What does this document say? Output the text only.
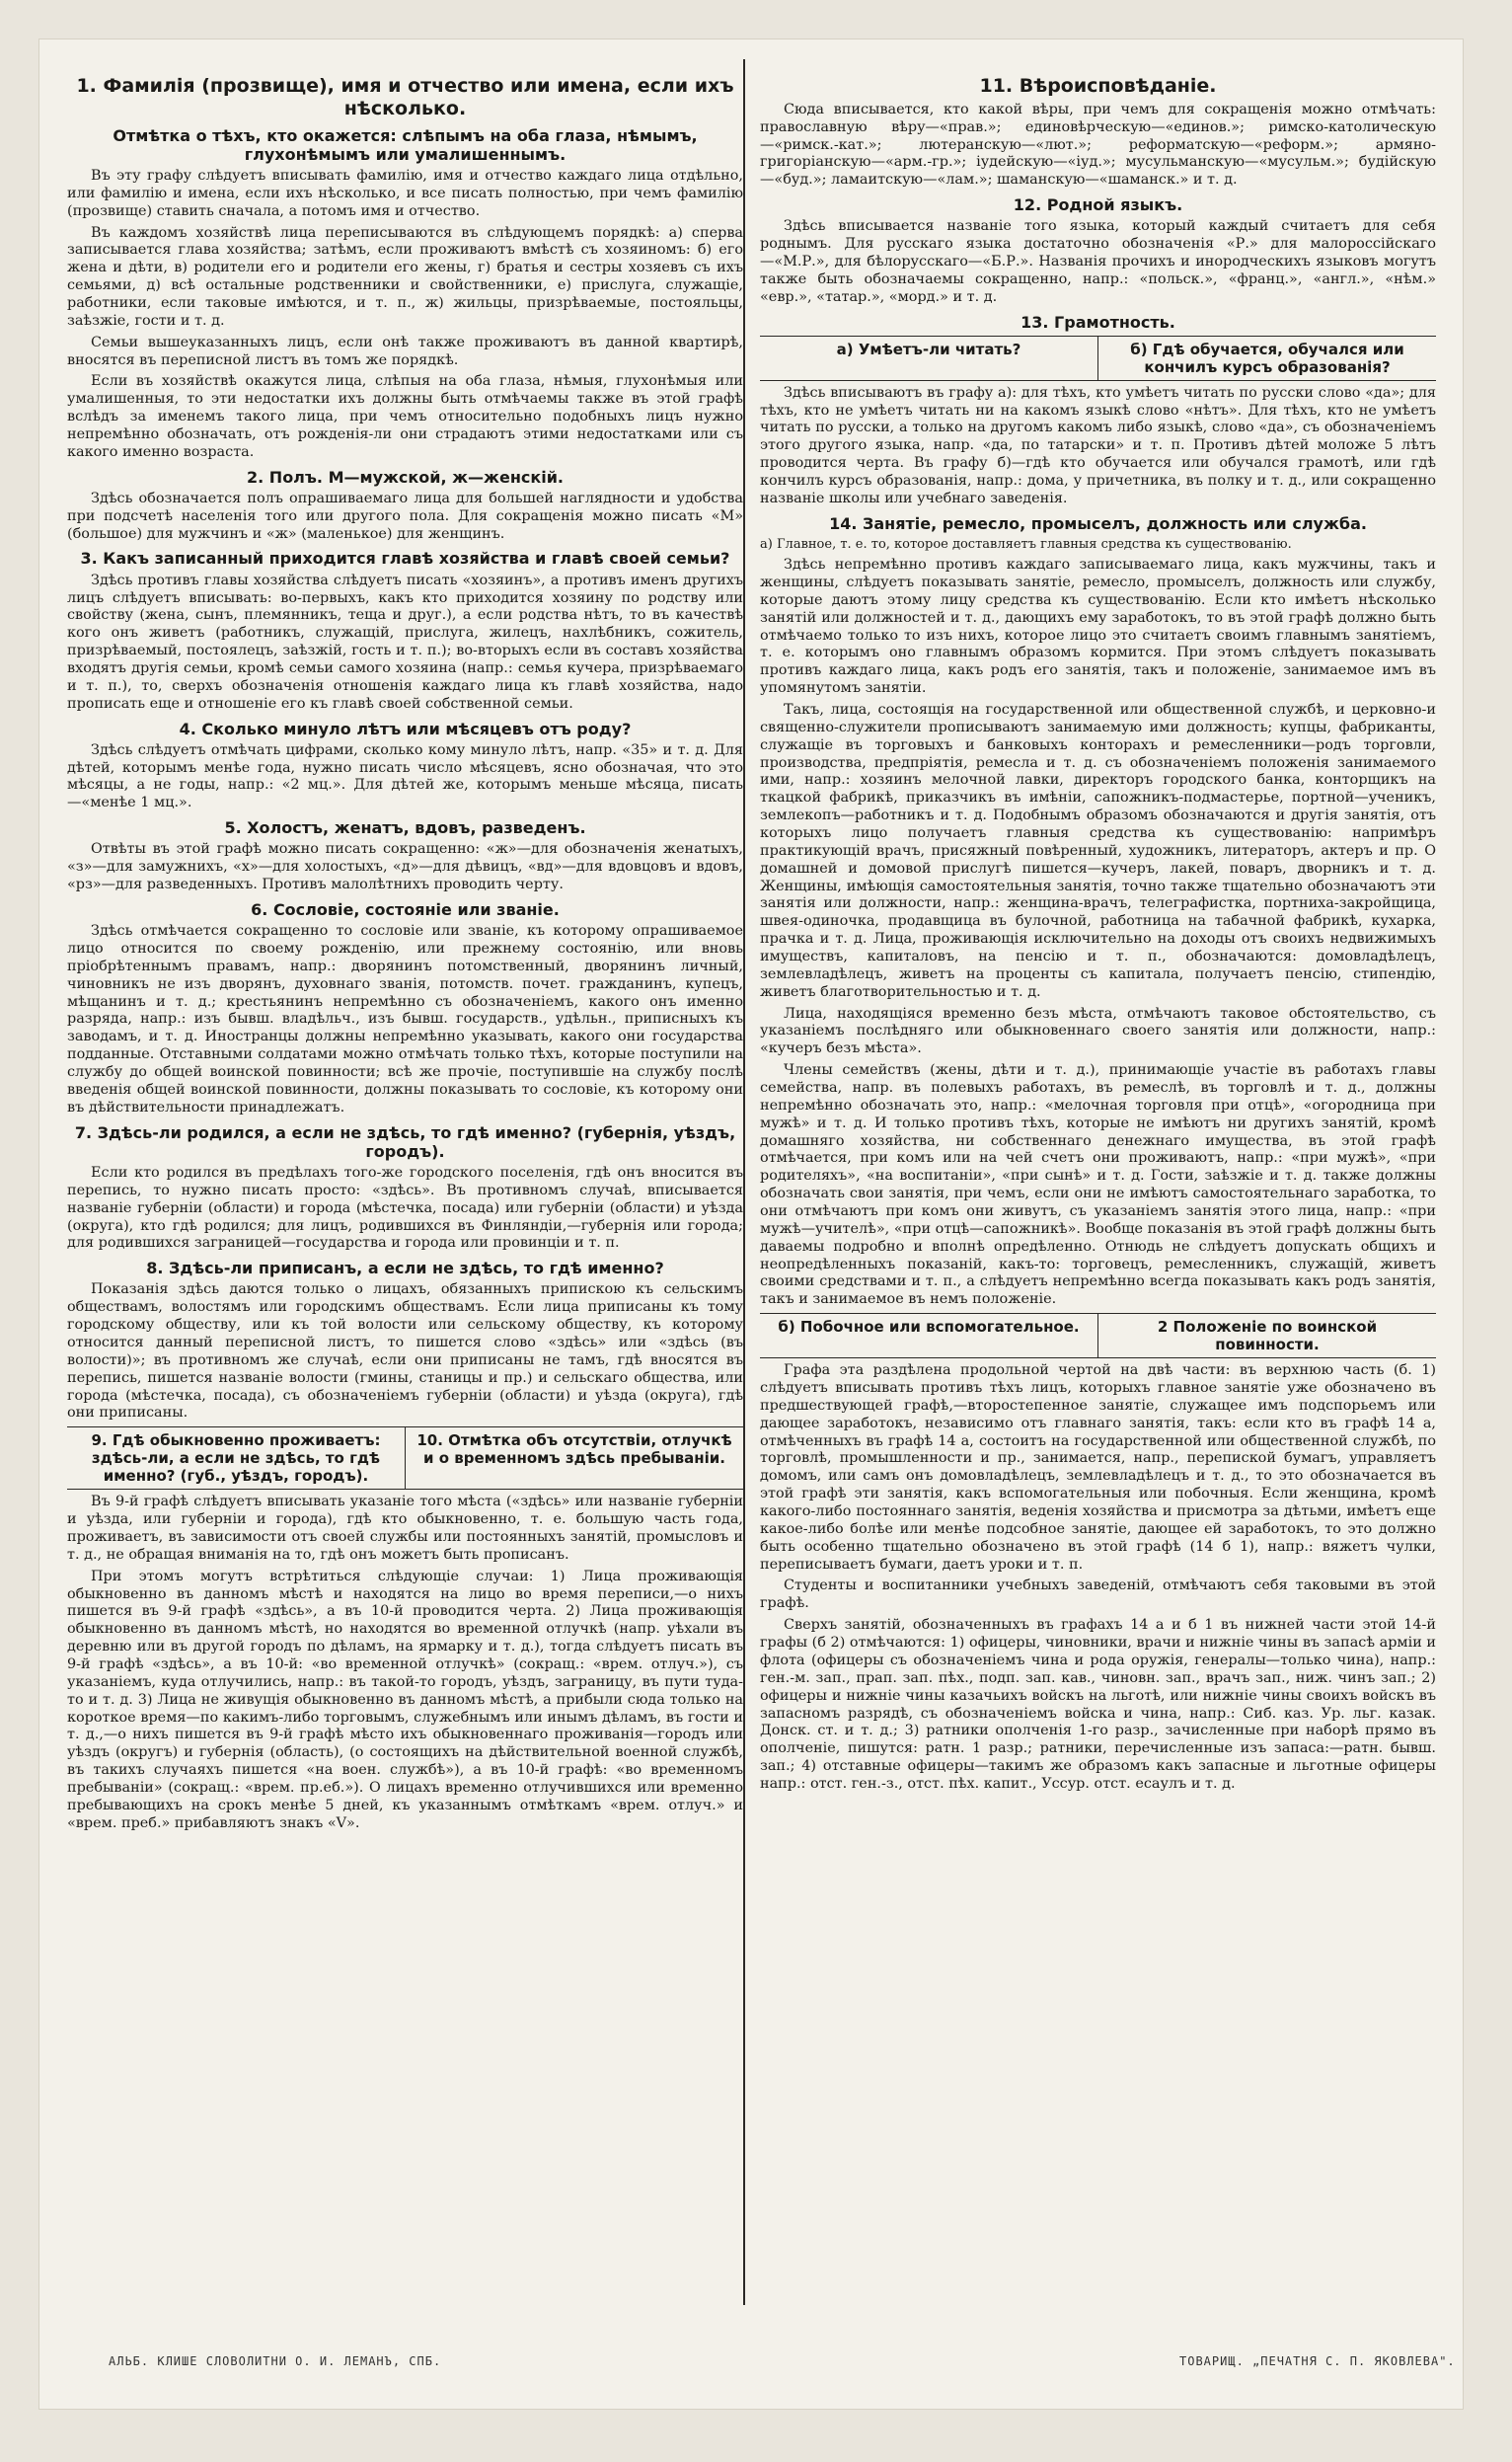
1. Фамилія (прозвище), имя и отчество или имена, если ихъ нѣсколько.
Отмѣтка о тѣхъ, кто окажется: слѣпымъ на оба глаза, нѣмымъ, глухонѣмымъ или умалишеннымъ.

Въ эту графу слѣдуетъ вписывать фамилію, имя и отчество каждаго лица отдѣльно, или фамилію и имена, если ихъ нѣсколько, и все писать полностью, при чемъ фамилію (прозвище) ставить сначала, а потомъ имя и отчество.

Въ каждомъ хозяйствѣ лица переписываются въ слѣдующемъ порядкѣ: а) сперва записывается глава хозяйства; затѣмъ, если проживаютъ вмѣстѣ съ хозяиномъ: б) его жена и дѣти, в) родители его и родители его жены, г) братья и сестры хозяевъ съ ихъ семьями, д) всѣ остальные родственники и свойственники, е) прислуга, служащіе, работники, если таковые имѣются, и т. п., ж) жильцы, призрѣваемые, постояльцы, заѣзжіе, гости и т. д.

Семьи вышеуказанныхъ лицъ, если онѣ также проживаютъ въ данной квартирѣ, вносятся въ переписной листъ въ томъ же порядкѣ.

Если въ хозяйствѣ окажутся лица, слѣпыя на оба глаза, нѣмыя, глухонѣмыя или умалишенныя, то эти недостатки ихъ должны быть отмѣчаемы также въ этой графѣ вслѣдъ за именемъ такого лица, при чемъ относительно подобныхъ лицъ нужно непремѣнно обозначать, отъ рожденія-ли они страдаютъ этими недостатками или съ какого именно возраста.

2. Полъ. М—мужской, ж—женскій.

Здѣсь обозначается полъ опрашиваемаго лица для большей наглядности и удобства при подсчетѣ населенія того или другого пола. Для сокращенія можно писать «М» (большое) для мужчинъ и «ж» (маленькое) для женщинъ.

3. Какъ записанный приходится главѣ хозяйства и главѣ своей семьи?

Здѣсь противъ главы хозяйства слѣдуетъ писать «хозяинъ», а противъ именъ другихъ лицъ слѣдуетъ вписывать: во-первыхъ, какъ кто приходится хозяину по родству или свойству (жена, сынъ, племянникъ, теща и друг.), а если родства нѣтъ, то въ качествѣ кого онъ живетъ (работникъ, служащій, прислуга, жилецъ, нахлѣбникъ, сожитель, призрѣваемый, постоялецъ, заѣзжій, гость и т. п.); во-вторыхъ если въ составъ хозяйства входятъ другія семьи, кромѣ семьи самого хозяина (напр.: семья кучера, призрѣваемаго и т. п.), то, сверхъ обозначенія отношенія каждаго лица къ главѣ хозяйства, надо прописать еще и отношеніе его къ главѣ своей собственной семьи.

4. Сколько минуло лѣтъ или мѣсяцевъ отъ роду?

Здѣсь слѣдуетъ отмѣчать цифрами, сколько кому минуло лѣтъ, напр. «35» и т. д. Для дѣтей, которымъ менѣе года, нужно писать число мѣсяцевъ, ясно обозначая, что это мѣсяцы, а не годы, напр.: «2 мц.». Для дѣтей же, которымъ меньше мѣсяца, писать—«менѣе 1 мц.».

5. Холостъ, женатъ, вдовъ, разведенъ.

Отвѣты въ этой графѣ можно писать сокращенно: «ж»—для обозначенія женатыхъ, «з»—для замужнихъ, «х»—для холостыхъ, «д»—для дѣвицъ, «вд»—для вдовцовъ и вдовъ, «рз»—для разведенныхъ. Противъ малолѣтнихъ проводить черту.

6. Сословіе, состояніе или званіе.

Здѣсь отмѣчается сокращенно то сословіе или званіе, къ которому опрашиваемое лицо относится по своему рожденію, или прежнему состоянію, или вновь пріобрѣтеннымъ правамъ, напр.: дворянинъ потомственный, дворянинъ личный, чиновникъ не изъ дворянъ, духовнаго званія, потомств. почет. гражданинъ, купецъ, мѣщанинъ и т. д.; крестьянинъ непремѣнно съ обозначеніемъ, какого онъ именно разряда, напр.: изъ бывш. владѣльч., изъ бывш. государств., удѣльн., приписныхъ къ заводамъ, и т. д. Иностранцы должны непремѣнно указывать, какого они государства подданные. Отставными солдатами можно отмѣчать только тѣхъ, которые поступили на службу до общей воинской повинности; всѣ же прочіе, поступившіе на службу послѣ введенія общей воинской повинности, должны показывать то сословіе, къ которому они въ дѣйствительности принадлежатъ.

7. Здѣсь-ли родился, а если не здѣсь, то гдѣ именно? (губернія, уѣздъ, городъ).

Если кто родился въ предѣлахъ того-же городского поселенія, гдѣ онъ вносится въ перепись, то нужно писать просто: «здѣсь». Въ противномъ случаѣ, вписывается названіе губерніи (области) и города (мѣстечка, посада) или губерніи (области) и уѣзда (округа), кто гдѣ родился; для лицъ, родившихся въ Финляндіи,—губернія или города; для родившихся заграницей—государства и города или провинціи и т. п.

8. Здѣсь-ли приписанъ, а если не здѣсь, то гдѣ именно?

Показанія здѣсь даются только о лицахъ, обязанныхъ припискою къ сельскимъ обществамъ, волостямъ или городскимъ обществамъ. Если лица приписаны къ тому городскому обществу, или къ той волости или сельскому обществу, къ которому относится данный переписной листъ, то пишется слово «здѣсь» или «здѣсь (въ волости)»; въ противномъ же случаѣ, если они приписаны не тамъ, гдѣ вносятся въ перепись, пишется названіе волости (гмины, станицы и пр.) и сельскаго общества, или города (мѣстечка, посада), съ обозначеніемъ губерніи (области) и уѣзда (округа), гдѣ они приписаны.

9. Гдѣ обыкновенно проживаетъ: здѣсь-ли, а если не здѣсь, то гдѣ именно? (губ., уѣздъ, городъ).
10. Отмѣтка объ отсутствіи, отлучкѣ и о временномъ здѣсь пребываніи.

Въ 9-й графѣ слѣдуетъ вписывать указаніе того мѣста («здѣсь» или названіе губерніи и уѣзда, или губерніи и города), гдѣ кто обыкновенно, т. е. большую часть года, проживаетъ, въ зависимости отъ своей службы или постоянныхъ занятій, промысловъ и т. д., не обращая вниманія на то, гдѣ онъ можетъ быть прописанъ.

При этомъ могутъ встрѣтиться слѣдующіе случаи: 1) Лица проживающія обыкновенно въ данномъ мѣстѣ и находятся на лицо во время переписи,—о нихъ пишется въ 9-й графѣ «здѣсь», а въ 10-й проводится черта. 2) Лица проживающія обыкновенно въ данномъ мѣстѣ, но находятся во временной отлучкѣ (напр. уѣхали въ деревню или въ другой городъ по дѣламъ, на ярмарку и т. д.), тогда слѣдуетъ писать въ 9-й графѣ «здѣсь», а въ 10-й: «во временной отлучкѣ» (сокращ.: «врем. отлуч.»), съ указаніемъ, куда отлучились, напр.: въ такой-то городъ, уѣздъ, заграницу, въ пути туда-то и т. д. 3) Лица не живущія обыкновенно въ данномъ мѣстѣ, а прибыли сюда только на короткое время—по какимъ-либо торговымъ, служебнымъ или инымъ дѣламъ, въ гости и т. д.,—о нихъ пишется въ 9-й графѣ мѣсто ихъ обыкновеннаго проживанія—городъ или уѣздъ (округъ) и губернія (область), (о состоящихъ на дѣйствительной военной службѣ, въ такихъ случаяхъ пишется «на воен. службѣ»), а въ 10-й графѣ: «во временномъ пребываніи» (сокращ.: «врем. пр.еб.»). О лицахъ временно отлучившихся или временно пребывающихъ на срокъ менѣе 5 дней, къ указаннымъ отмѣткамъ «врем. отлуч.» и «врем. преб.» прибавляютъ знакъ «V».

11. Вѣроисповѣданіе.

Сюда вписывается, кто какой вѣры, при чемъ для сокращенія можно отмѣчать: православную вѣру—«прав.»; единовѣрческую—«единов.»; римско-католическую—«римск.-кат.»; лютеранскую—«лют.»; реформатскую—«реформ.»; армяно-григоріанскую—«арм.-гр.»; іудейскую—«іуд.»; мусульманскую—«мусульм.»; будійскую—«буд.»; ламаитскую—«лам.»; шаманскую—«шаманск.» и т. д.

12. Родной языкъ.

Здѣсь вписывается названіе того языка, который каждый считаетъ для себя роднымъ. Для русскаго языка достаточно обозначенія «Р.» для малороссійскаго—«М.Р.», для бѣлорусскаго—«Б.Р.». Названія прочихъ и инородческихъ языковъ могутъ также быть обозначаемы сокращенно, напр.: «польск.», «франц.», «англ.», «нѣм.» «евр.», «татар.», «морд.» и т. д.

13. Грамотность.
а) Умѣетъ-ли читать?	б) Гдѣ обучается, обучался или кончилъ курсъ образованія?

Здѣсь вписываютъ въ графу а): для тѣхъ, кто умѣетъ читать по русски слово «да»; для тѣхъ, кто не умѣетъ читать ни на какомъ языкѣ слово «нѣтъ». Для тѣхъ, кто не умѣетъ читать по русски, а только на другомъ какомъ либо языкѣ, слово «да», съ обозначеніемъ этого другого языка, напр. «да, по татарски» и т. п. Противъ дѣтей моложе 5 лѣтъ проводится черта. Въ графу б)—гдѣ кто обучается или обучался грамотѣ, или гдѣ кончилъ курсъ образованія, напр.: дома, у причетника, въ полку и т. д., или сокращенно названіе школы или учебнаго заведенія.

14. Занятіе, ремесло, промыселъ, должность или служба.

а) Главное, т. е. то, которое доставляетъ главныя средства къ существованію.

Здѣсь непремѣнно противъ каждаго записываемаго лица, какъ мужчины, такъ и женщины, слѣдуетъ показывать занятіе, ремесло, промыселъ, должность или службу, которые даютъ этому лицу средства къ существованію. Если кто имѣетъ нѣсколько занятій или должностей и т. д., дающихъ ему заработокъ, то въ этой графѣ должно быть отмѣчаемо только то изъ нихъ, которое лицо это считаетъ своимъ главнымъ занятіемъ, т. е. которымъ оно главнымъ образомъ кормится. При этомъ слѣдуетъ показывать противъ каждаго лица, какъ родъ его занятія, такъ и положеніе, занимаемое имъ въ упомянутомъ занятіи.

Такъ, лица, состоящія на государственной или общественной службѣ, и церковно-и священно-служители прописываютъ занимаемую ими должность; купцы, фабриканты, служащіе въ торговыхъ и банковыхъ конторахъ и ремесленники—родъ торговли, производства, предпріятія, ремесла и т. д. съ обозначеніемъ положенія занимаемого ими, напр.: хозяинъ мелочной лавки, директоръ городского банка, конторщикъ на ткацкой фабрикѣ, приказчикъ въ имѣніи, сапожникъ-подмастерье, портной—ученикъ, землекопъ—работникъ и т. д. Подобнымъ образомъ обозначаются и другія занятія, отъ которыхъ лицо получаетъ главныя средства къ существованію: напримѣръ практикующій врачъ, присяжный повѣренный, художникъ, литераторъ, актеръ и пр. О домашней и домовой прислугѣ пишется—кучеръ, лакей, поваръ, дворникъ и т. д. Женщины, имѣющія самостоятельныя занятія, точно также тщательно обозначаютъ эти занятія или должности, напр.: женщина-врачъ, телеграфистка, портниха-закройщица, швея-одиночка, продавщица въ булочной, работница на табачной фабрикѣ, кухарка, прачка и т. д. Лица, проживающія исключительно на доходы отъ своихъ недвижимыхъ имуществъ, капиталовъ, на пенсію и т. п., обозначаются: домовладѣлецъ, землевладѣлецъ, живетъ на проценты съ капитала, получаетъ пенсію, стипендію, живетъ благотворительностью и т. д.

Лица, находящіяся временно безъ мѣста, отмѣчаютъ таковое обстоятельство, съ указаніемъ послѣдняго или обыкновеннаго своего занятія или должности, напр.: «кучеръ безъ мѣста».

Члены семействъ (жены, дѣти и т. д.), принимающіе участіе въ работахъ главы семейства, напр. въ полевыхъ работахъ, въ ремеслѣ, въ торговлѣ и т. д., должны непремѣнно обозначать это, напр.: «мелочная торговля при отцѣ», «огородница при мужѣ» и т. д. И только противъ тѣхъ, которые не имѣютъ ни другихъ занятій, кромѣ домашняго хозяйства, ни собственнаго денежнаго имущества, въ этой графѣ отмѣчается, при комъ или на чей счетъ они проживаютъ, напр.: «при мужѣ», «при родителяхъ», «на воспитаніи», «при сынѣ» и т. д. Гости, заѣзжіе и т. д. также должны обозначать свои занятія, при чемъ, если они не имѣютъ самостоятельнаго заработка, то они отмѣчаютъ при комъ они живутъ, съ указаніемъ занятія этого лица, напр.: «при мужѣ—учителѣ», «при отцѣ—сапожникѣ». Вообще показанія въ этой графѣ должны быть даваемы подробно и вполнѣ опредѣленно. Отнюдь не слѣдуетъ допускать общихъ и неопредѣленныхъ показаній, какъ-то: торговецъ, ремесленникъ, служащій, живетъ своими средствами и т. п., а слѣдуетъ непремѣнно всегда показывать какъ родъ занятія, такъ и занимаемое въ немъ положеніе.

б) Побочное или вспомогательное.	2 Положеніе по воинской повинности.

Графа эта раздѣлена продольной чертой на двѣ части: въ верхнюю часть (б. 1) слѣдуетъ вписывать противъ тѣхъ лицъ, которыхъ главное занятіе уже обозначено въ предшествующей графѣ,—второстепенное занятіе, служащее имъ подспорьемъ или дающее заработокъ, независимо отъ главнаго занятія, такъ: если кто въ графѣ 14 а, отмѣченныхъ въ графѣ 14 а, состоитъ на государственной или общественной службѣ, по торговлѣ, промышленности и пр., занимается, напр., перепиской бумагъ, управляетъ домомъ, или самъ онъ домовладѣлецъ, землевладѣлецъ и т. д., то это обозначается въ этой графѣ эти занятія, какъ вспомогательныя или побочныя. Если женщина, кромѣ какого-либо постояннаго занятія, веденія хозяйства и присмотра за дѣтьми, имѣетъ еще какое-либо болѣе или менѣе подсобное занятіе, дающее ей заработокъ, то это должно быть особенно тщательно обозначено въ этой графѣ (14 б 1), напр.: вяжетъ чулки, переписываетъ бумаги, даетъ уроки и т. п.

Студенты и воспитанники учебныхъ заведеній, отмѣчаютъ себя таковыми въ этой графѣ.

Сверхъ занятій, обозначенныхъ въ графахъ 14 а и б 1 въ нижней части этой 14-й графы (б 2) отмѣчаются: 1) офицеры, чиновники, врачи и нижніе чины въ запасѣ арміи и флота (офицеры съ обозначеніемъ чина и рода оружія, генералы—только чина), напр.: ген.-м. зап., прап. зап. пѣх., подп. зап. кав., чиновн. зап., врачъ зап., ниж. чинъ зап.; 2) офицеры и нижніе чины казачьихъ войскъ на льготѣ, или нижніе чины своихъ войскъ въ запасномъ разрядѣ, съ обозначеніемъ войска и чина, напр.: Сиб. каз. Ур. льг. казак. Донск. ст. и т. д.; 3) ратники ополченія 1-го разр., зачисленные при наборѣ прямо въ ополченіе, пишутся: ратн. 1 разр.; ратники, перечисленные изъ запаса:—ратн. бывш. зап.; 4) отставные офицеры—такимъ же образомъ какъ запасные и льготные офицеры напр.: отст. ген.-з., отст. пѣх. капит., Уссур. отст. есаулъ и т. д.

АЛЬБ. КЛИШЕ СЛОВОЛИТНИ О. И. ЛЕМАНЪ, СПБ.	ТОВАРИЩ. „ПЕЧАТНЯ С. П. ЯКОВЛЕВА".
